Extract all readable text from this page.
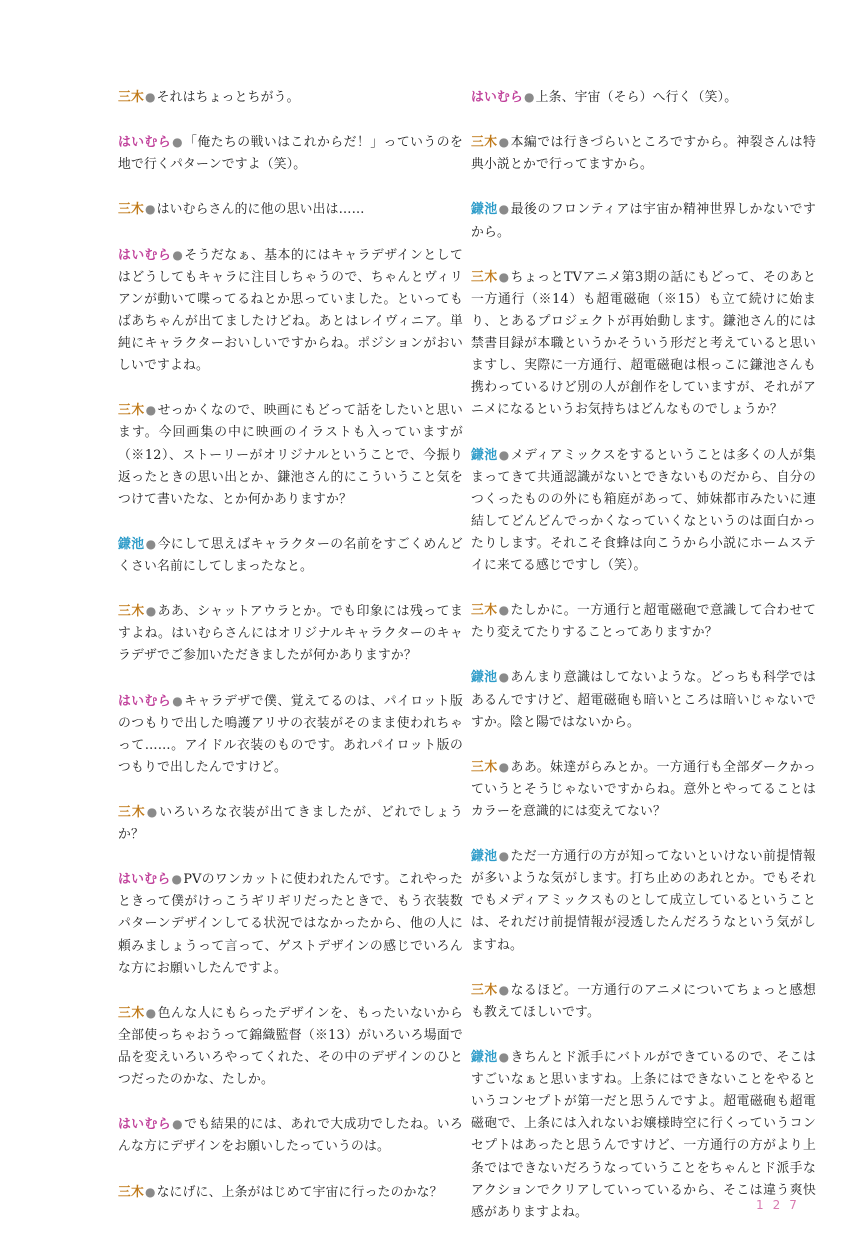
三木●それはちょっとちがう。

はいむら●「俺たちの戦いはこれからだ！」っていうのを地で行くパターンですよ（笑）。

三木●はいむらさん的に他の思い出は……

はいむら●そうだなぁ、基本的にはキャラデザインとしてはどうしてもキャラに注目しちゃうので、ちゃんとヴィリアンが動いて喋ってるねとか思っていました。といってもばあちゃんが出てましたけどね。あとはレイヴィニア。単純にキャラクターおいしいですからね。ポジションがおいしいですよね。

三木●せっかくなので、映画にもどって話をしたいと思います。今回画集の中に映画のイラストも入っていますが（※12）、ストーリーがオリジナルということで、今振り返ったときの思い出とか、鎌池さん的にこういうこと気をつけて書いたな、とか何かありますか？

鎌池●今にして思えばキャラクターの名前をすごくめんどくさい名前にしてしまったなと。

三木●ああ、シャットアウラとか。でも印象には残ってますよね。はいむらさんにはオリジナルキャラクターのキャラデザでご参加いただきましたが何かありますか？

はいむら●キャラデザで僕、覚えてるのは、パイロット版のつもりで出した鳴護アリサの衣装がそのまま使われちゃって……。アイドル衣装のものです。あれパイロット版のつもりで出したんですけど。

三木●いろいろな衣装が出てきましたが、どれでしょうか？

はいむら●PVのワンカットに使われたんです。これやったときって僕がけっこうギリギリだったときで、もう衣装数パターンデザインしてる状況ではなかったから、他の人に頼みましょうって言って、ゲストデザインの感じでいろんな方にお願いしたんですよ。

三木●色んな人にもらったデザインを、もったいないから全部使っちゃおうって錦織監督（※13）がいろいろ場面で品を変えいろいろやってくれた、その中のデザインのひとつだったのかな、たしか。

はいむら●でも結果的には、あれで大成功でしたね。いろんな方にデザインをお願いしたっていうのは。

三木●なにげに、上条がはじめて宇宙に行ったのかな？

はいむら●上条、宇宙（そら）へ行く（笑）。

三木●本編では行きづらいところですから。神裂さんは特典小説とかで行ってますから。

鎌池●最後のフロンティアは宇宙か精神世界しかないですから。

三木●ちょっとTVアニメ第3期の話にもどって、そのあと一方通行（※14）も超電磁砲（※15）も立て続けに始まり、とあるプロジェクトが再始動します。鎌池さん的には禁書目録が本職というかそういう形だと考えていると思いますし、実際に一方通行、超電磁砲は根っこに鎌池さんも携わっているけど別の人が創作をしていますが、それがアニメになるというお気持ちはどんなものでしょうか？

鎌池●メディアミックスをするということは多くの人が集まってきて共通認識がないとできないものだから、自分のつくったものの外にも箱庭があって、姉妹都市みたいに連結してどんどんでっかくなっていくなというのは面白かったりします。それこそ食蜂は向こうから小説にホームステイに来てる感じですし（笑）。

三木●たしかに。一方通行と超電磁砲で意識して合わせてたり変えてたりすることってありますか？

鎌池●あんまり意識はしてないような。どっちも科学ではあるんですけど、超電磁砲も暗いところは暗いじゃないですか。陰と陽ではないから。

三木●ああ。妹達がらみとか。一方通行も全部ダークかっていうとそうじゃないですからね。意外とやってることはカラーを意識的には変えてない？

鎌池●ただ一方通行の方が知ってないといけない前提情報が多いような気がします。打ち止めのあれとか。でもそれでもメディアミックスものとして成立しているということは、それだけ前提情報が浸透したんだろうなという気がしますね。

三木●なるほど。一方通行のアニメについてちょっと感想も教えてほしいです。

鎌池●きちんとド派手にバトルができているので、そこはすごいなぁと思いますね。上条にはできないことをやるというコンセプトが第一だと思うんですよ。超電磁砲も超電磁砲で、上条には入れないお嬢様時空に行くっていうコンセプトはあったと思うんですけど、一方通行の方がより上条ではできないだろうなっていうことをちゃんとド派手なアクションでクリアしていっているから、そこは違う爽快感がありますよね。	127
